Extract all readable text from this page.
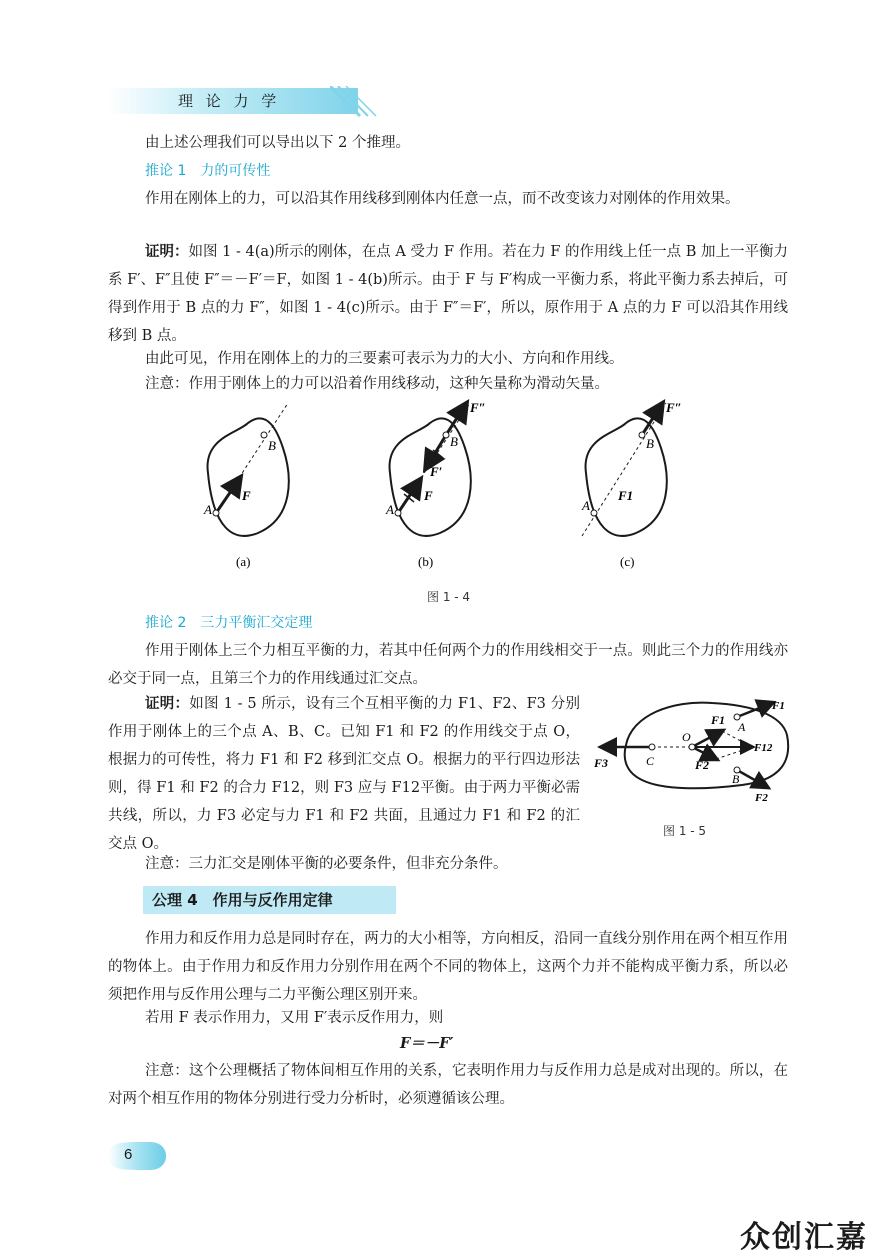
理 论 力 学

由上述公理我们可以导出以下 2 个推理。

推论 1　力的可传性

作用在刚体上的力，可以沿其作用线移到刚体内任意一点，而不改变该力对刚体的作用效果。

证明：如图 1 - 4(a)所示的刚体，在点 A 受力 F 作用。若在力 F 的作用线上任一点 B 加上一平衡力系 F′、F″且使 F″＝－F′＝F，如图 1 - 4(b)所示。由于 F 与 F′构成一平衡力系，将此平衡力系去掉后，可得到作用于 B 点的力 F″，如图 1 - 4(c)所示。由于 F″＝F′，所以，原作用于 A 点的力 F 可以沿其作用线移到 B 点。

由此可见，作用在刚体上的力的三要素可表示为力的大小、方向和作用线。

注意：作用于刚体上的力可以沿着作用线移动，这种矢量称为滑动矢量。

A
B
F
(a)
A
B
F
F′
F″
(b)
A
B
F1
F″
(c)
图 1 - 4

推论 2　三力平衡汇交定理

作用于刚体上三个力相互平衡的力，若其中任何两个力的作用线相交于一点。则此三个力的作用线亦必交于同一点，且第三个力的作用线通过汇交点。

证明：如图 1 - 5 所示，设有三个互相平衡的力 F1、F2、F3 分别作用于刚体上的三个点 A、B、C。已知 F1 和 F2 的作用线交于点 O，根据力的可传性，将力 F1 和 F2 移到汇交点 O。根据力的平行四边形法则，得 F1 和 F2 的合力 F12，则 F3 应与 F12平衡。由于两力平衡必需共线，所以，力 F3 必定与力 F1 和 F2 共面，且通过力 F1 和 F2 的汇交点 O。

注意：三力汇交是刚体平衡的必要条件，但非充分条件。

F3	C
O
F1 A
F12
F2
B
F1
F2
图 1 - 5
公理 4　作用与反作用定律

作用力和反作用力总是同时存在，两力的大小相等，方向相反，沿同一直线分别作用在两个相互作用的物体上。由于作用力和反作用力分别作用在两个不同的物体上，这两个力并不能构成平衡力系，所以必须把作用与反作用公理与二力平衡公理区别开来。

若用 F 表示作用力，又用 F′表示反作用力，则

F＝－F′

注意：这个公理概括了物体间相互作用的关系，它表明作用力与反作用力总是成对出现的。所以，在对两个相互作用的物体分别进行受力分析时，必须遵循该公理。

6
众创汇嘉
